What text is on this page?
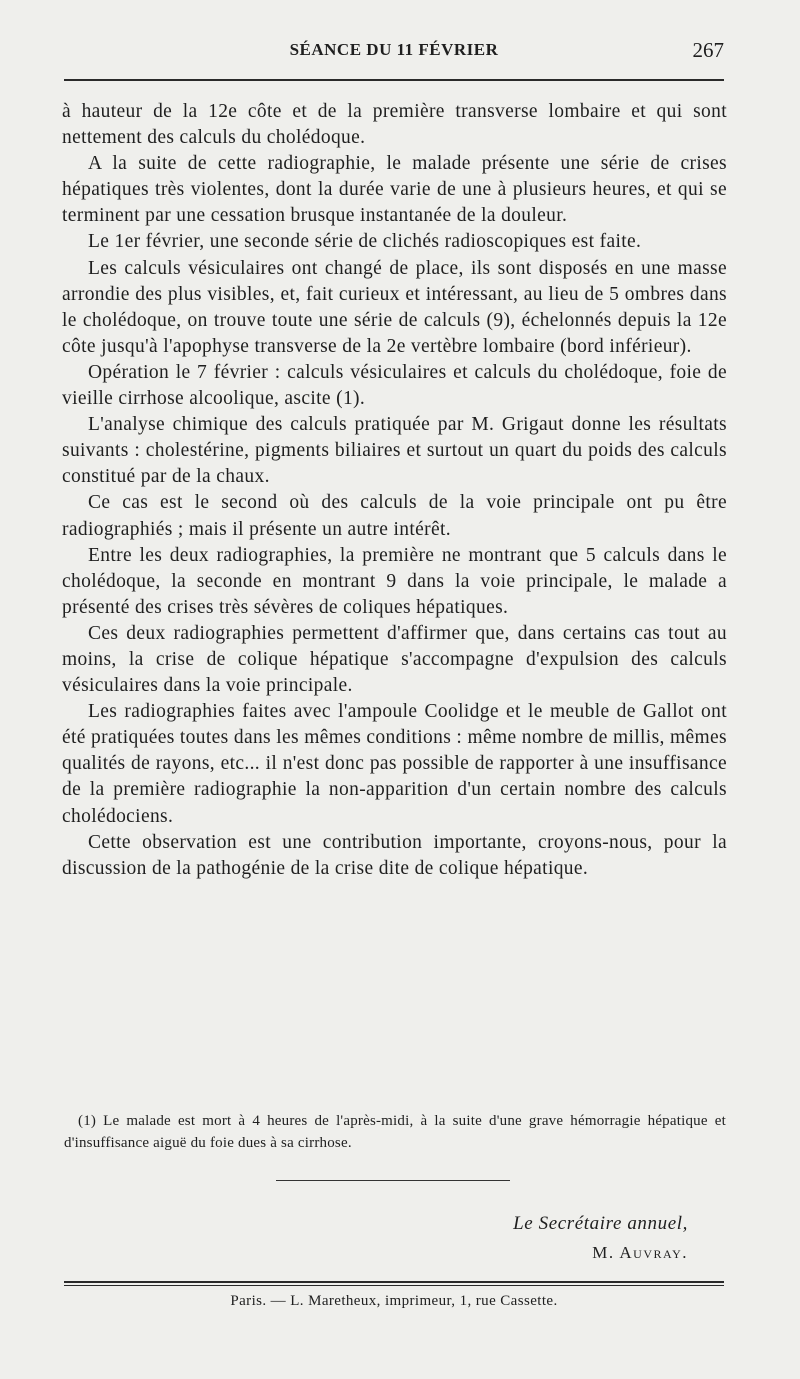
SÉANCE DU 11 FÉVRIER	267

à hauteur de la 12e côte et de la première transverse lombaire et qui sont nettement des calculs du cholédoque.

A la suite de cette radiographie, le malade présente une série de crises hépatiques très violentes, dont la durée varie de une à plusieurs heures, et qui se terminent par une cessation brusque instantanée de la douleur.

Le 1er février, une seconde série de clichés radioscopiques est faite.

Les calculs vésiculaires ont changé de place, ils sont disposés en une masse arrondie des plus visibles, et, fait curieux et intéressant, au lieu de 5 ombres dans le cholédoque, on trouve toute une série de calculs (9), échelonnés depuis la 12e côte jusqu'à l'apophyse transverse de la 2e vertèbre lombaire (bord inférieur).

Opération le 7 février : calculs vésiculaires et calculs du cholédoque, foie de vieille cirrhose alcoolique, ascite (1).

L'analyse chimique des calculs pratiquée par M. Grigaut donne les résultats suivants : cholestérine, pigments biliaires et surtout un quart du poids des calculs constitué par de la chaux.

Ce cas est le second où des calculs de la voie principale ont pu être radiographiés ; mais il présente un autre intérêt.

Entre les deux radiographies, la première ne montrant que 5 calculs dans le cholédoque, la seconde en montrant 9 dans la voie principale, le malade a présenté des crises très sévères de coliques hépatiques.

Ces deux radiographies permettent d'affirmer que, dans certains cas tout au moins, la crise de colique hépatique s'accompagne d'expulsion des calculs vésiculaires dans la voie principale.

Les radiographies faites avec l'ampoule Coolidge et le meuble de Gallot ont été pratiquées toutes dans les mêmes conditions : même nombre de millis, mêmes qualités de rayons, etc... il n'est donc pas possible de rapporter à une insuffisance de la première radiographie la non-apparition d'un certain nombre des calculs cholédociens.

Cette observation est une contribution importante, croyons-nous, pour la discussion de la pathogénie de la crise dite de colique hépatique.

(1) Le malade est mort à 4 heures de l'après-midi, à la suite d'une grave hémorragie hépatique et d'insuffisance aiguë du foie dues à sa cirrhose.
Le Secrétaire annuel,
M. Auvray.
Paris. — L. Maretheux, imprimeur, 1, rue Cassette.
